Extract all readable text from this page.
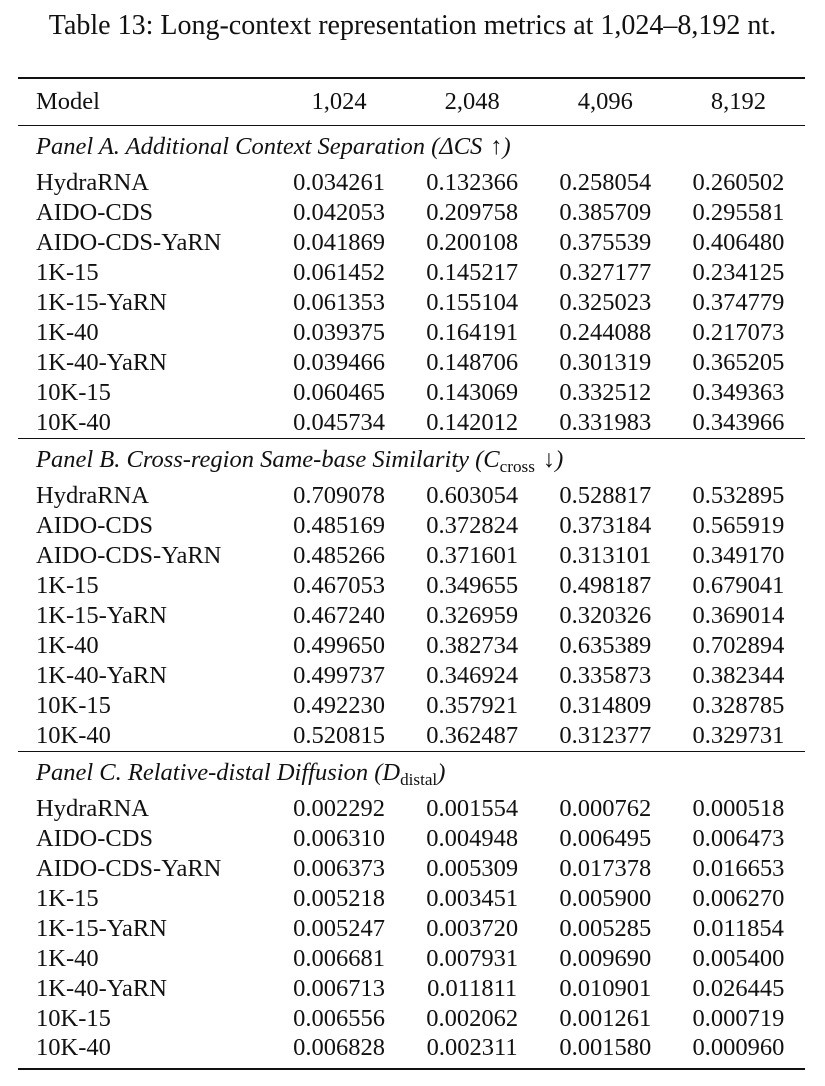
Table 13: Long-context representation metrics at 1,024–8,192 nt.
Model	1,024	2,048	4,096	8,192
Panel A. Additional Context Separation (ΔCS ↑)				
HydraRNA	0.034261	0.132366	0.258054	0.260502
AIDO-CDS	0.042053	0.209758	0.385709	0.295581
AIDO-CDS-YaRN	0.041869	0.200108	0.375539	0.406480
1K-15	0.061452	0.145217	0.327177	0.234125
1K-15-YaRN	0.061353	0.155104	0.325023	0.374779
1K-40	0.039375	0.164191	0.244088	0.217073
1K-40-YaRN	0.039466	0.148706	0.301319	0.365205
10K-15	0.060465	0.143069	0.332512	0.349363
10K-40	0.045734	0.142012	0.331983	0.343966
Panel B. Cross-region Same-base Similarity ($C_{cross}$ ↓)				
HydraRNA	0.709078	0.603054	0.528817	0.532895
AIDO-CDS	0.485169	0.372824	0.373184	0.565919
AIDO-CDS-YaRN	0.485266	0.371601	0.313101	0.349170
1K-15	0.467053	0.349655	0.498187	0.679041
1K-15-YaRN	0.467240	0.326959	0.320326	0.369014
1K-40	0.499650	0.382734	0.635389	0.702894
1K-40-YaRN	0.499737	0.346924	0.335873	0.382344
10K-15	0.492230	0.357921	0.314809	0.328785
10K-40	0.520815	0.362487	0.312377	0.329731
Panel C. Relative-distal Diffusion $(D_{distal})$				
HydraRNA	0.002292	0.001554	0.000762	0.000518
AIDO-CDS	0.006310	0.004948	0.006495	0.006473
AIDO-CDS-YaRN	0.006373	0.005309	0.017378	0.016653
1K-15	0.005218	0.003451	0.005900	0.006270
1K-15-YaRN	0.005247	0.003720	0.005285	0.011854
1K-40	0.006681	0.007931	0.009690	0.005400
1K-40-YaRN	0.006713	0.011811	0.010901	0.026445
10K-15	0.006556	0.002062	0.001261	0.000719
10K-40	0.006828	0.002311	0.001580	0.000960
